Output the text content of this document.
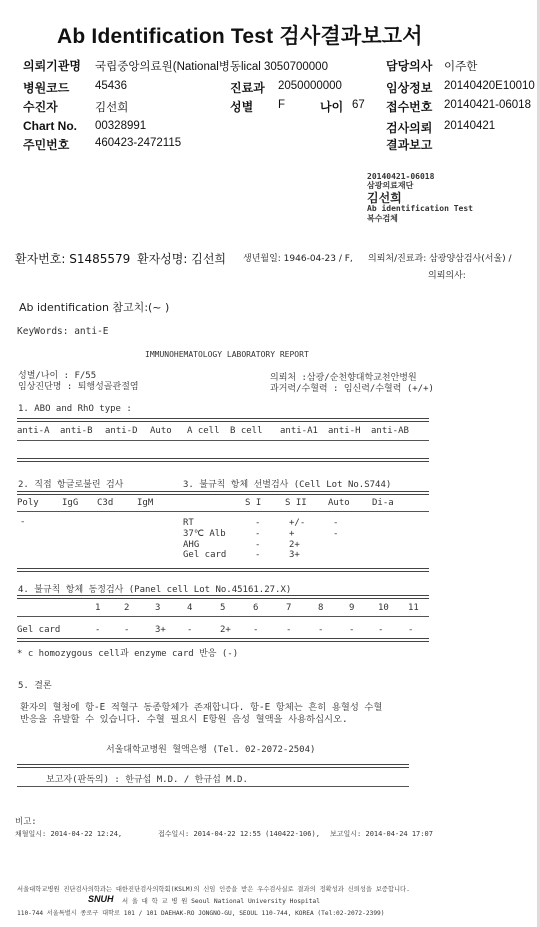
Ab Identification Test 검사결과보고서
의뢰기관명 국립중앙의료원(National병동lical 3050700000	담당의사 이주한
병원코드 45436	진료과 2050000000	임상정보 20140420E10010
수진자	김선희	성별 F	나이 67 접수번호 20140421-06018
Chart No. 00328991	검사의뢰 20140421
주민번호 460423-2472115	결과보고
20140421-06018
삼광의료재단
김선희
Ab identification Test
복수검체
환자번호: S1485579 환자성명: 김선희 생년월일: 1946-04-23 / F, 의뢰처/진료과: 삼광양삼검사(서울) /
의뢰의사:
Ab identification 참고치:(~ )
KeyWords: anti-E
IMMUNOHEMATOLOGY LABORATORY REPORT
성별/나이 : F/55
임상진단명 : 퇴행성골관절염
의뢰처 :삼광/순천향대학교천안병원
과거력/수혈력 : 임신력/수혈력 (+/+)
1. ABO and RhO type :
anti-A anti-B anti-D Auto A cell B cell anti-A1 anti-H anti-AB
2. 직접 항글로불린 검사	3. 불규칙 항체 선별검사 (Cell Lot No.S744)
Poly	IgG C3d	IgM	S I	S II Auto Di-a
-	RT	-	+/-	-
37℃ Alb	-	+	-
AHG	-	2+
Gel card	-	3+
4. 불규칙 항체 동정검사 (Panel cell Lot No.45161.27.X)
1	2	3	4	5	6	7	8	9	10 11
Gel card	-	-	3+ -	2+ -	-	-	-	-	-
* c homozygous cell과 enzyme card 반응 (-)
5. 결론
환자의 혈청에 항-E 적혈구 동종항체가 존재합니다. 항-E 항체는 흔히 용혈성 수혈
반응을 유발할 수 있습니다. 수혈 필요시 E항원 음성 혈액을 사용하십시오.
서울대학교병원 혈액은행 (Tel. 02-2072-2504)
보고자(판독의) : 한규섭 M.D. / 한규섭 M.D.
비고:
채혈일시: 2014-04-22 12:24,	접수일시: 2014-04-22 12:55 (140422-106), 보고일시: 2014-04-24 17:07
서울대학교병원 진단검사의학과는 대한진단검사의학회(KSLM)의 신임 인증을 받은 우수검사실로 결과의 정확성과 신뢰성을 보증합니다.
SNUH 서 울 대 학 교 병 원 Seoul National University Hospital
110-744 서울특별시 종로구 대학로 101 / 101 DAEHAK-RO JONGNO-GU, SEOUL 110-744, KOREA (Tel:02-2072-2399)
